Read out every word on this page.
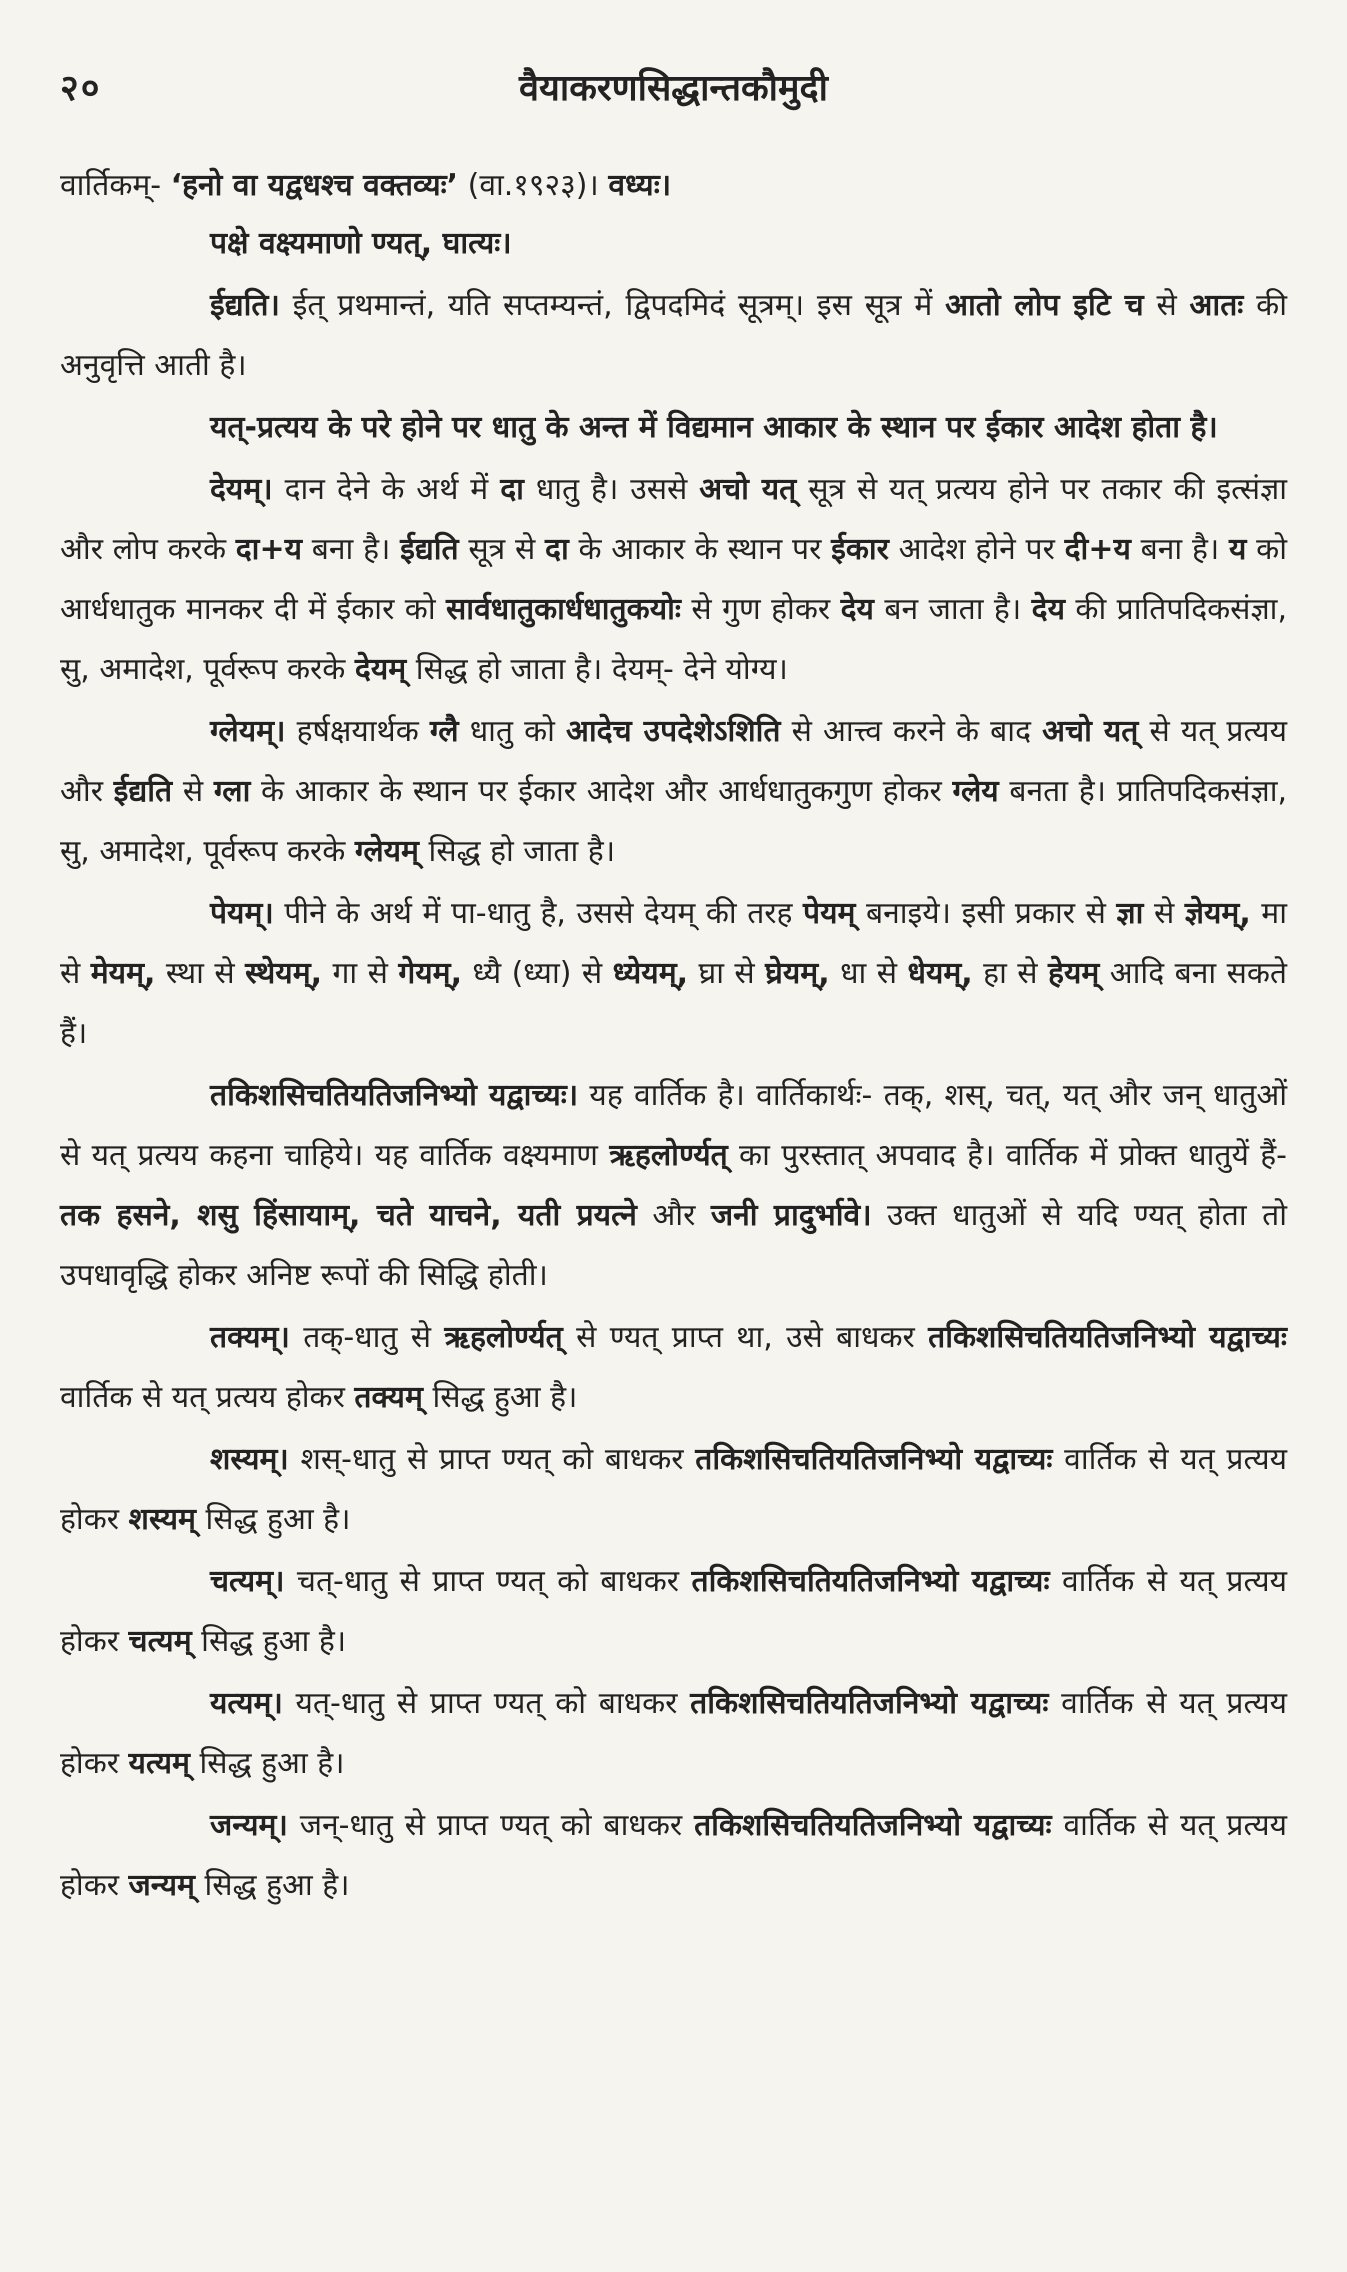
२०	वैयाकरणसिद्धान्तकौमुदी

वार्तिकम्- ‘हनो वा यद्वधश्च वक्तव्यः’ (वा.१९२३)। वध्यः।

पक्षे वक्ष्यमाणो ण्यत्, घात्यः।

ईद्यति। ईत् प्रथमान्तं, यति सप्तम्यन्तं, द्विपदमिदं सूत्रम्। इस सूत्र में आतो लोप इटि च से आतः की अनुवृत्ति आती है।

यत्-प्रत्यय के परे होने पर धातु के अन्त में विद्यमान आकार के स्थान पर ईकार आदेश होता है।

देयम्। दान देने के अर्थ में दा धातु है। उससे अचो यत् सूत्र से यत् प्रत्यय होने पर तकार की इत्संज्ञा और लोप करके दा+य बना है। ईद्यति सूत्र से दा के आकार के स्थान पर ईकार आदेश होने पर दी+य बना है। य को आर्धधातुक मानकर दी में ईकार को सार्वधातुकार्धधातुकयोः से गुण होकर देय बन जाता है। देय की प्रातिपदिकसंज्ञा, सु, अमादेश, पूर्वरूप करके देयम् सिद्ध हो जाता है। देयम्- देने योग्य।

ग्लेयम्। हर्षक्षयार्थक ग्लै धातु को आदेच उपदेशेऽशिति से आत्त्व करने के बाद अचो यत् से यत् प्रत्यय और ईद्यति से ग्ला के आकार के स्थान पर ईकार आदेश और आर्धधातुकगुण होकर ग्लेय बनता है। प्रातिपदिकसंज्ञा, सु, अमादेश, पूर्वरूप करके ग्लेयम् सिद्ध हो जाता है।

पेयम्। पीने के अर्थ में पा-धातु है, उससे देयम् की तरह पेयम् बनाइये। इसी प्रकार से ज्ञा से ज्ञेयम्, मा से मेयम्, स्था से स्थेयम्, गा से गेयम्, ध्यै (ध्या) से ध्येयम्, घ्रा से घ्रेयम्, धा से धेयम्, हा से हेयम् आदि बना सकते हैं।

तकिशसिचतियतिजनिभ्यो यद्वाच्यः। यह वार्तिक है। वार्तिकार्थः- तक्, शस्, चत्, यत् और जन् धातुओं से यत् प्रत्यय कहना चाहिये। यह वार्तिक वक्ष्यमाण ऋहलोर्ण्यत् का पुरस्तात् अपवाद है। वार्तिक में प्रोक्त धातुयें हैं- तक हसने, शसु हिंसायाम्, चते याचने, यती प्रयत्ने और जनी प्रादुर्भावे। उक्त धातुओं से यदि ण्यत् होता तो उपधावृद्धि होकर अनिष्ट रूपों की सिद्धि होती।

तक्यम्। तक्-धातु से ऋहलोर्ण्यत् से ण्यत् प्राप्त था, उसे बाधकर तकिशसिचतियतिजनिभ्यो यद्वाच्यः वार्तिक से यत् प्रत्यय होकर तक्यम् सिद्ध हुआ है।

शस्यम्। शस्-धातु से प्राप्त ण्यत् को बाधकर तकिशसिचतियतिजनिभ्यो यद्वाच्यः वार्तिक से यत् प्रत्यय होकर शस्यम् सिद्ध हुआ है।

चत्यम्। चत्-धातु से प्राप्त ण्यत् को बाधकर तकिशसिचतियतिजनिभ्यो यद्वाच्यः वार्तिक से यत् प्रत्यय होकर चत्यम् सिद्ध हुआ है।

यत्यम्। यत्-धातु से प्राप्त ण्यत् को बाधकर तकिशसिचतियतिजनिभ्यो यद्वाच्यः वार्तिक से यत् प्रत्यय होकर यत्यम् सिद्ध हुआ है।

जन्यम्। जन्-धातु से प्राप्त ण्यत् को बाधकर तकिशसिचतियतिजनिभ्यो यद्वाच्यः वार्तिक से यत् प्रत्यय होकर जन्यम् सिद्ध हुआ है।
